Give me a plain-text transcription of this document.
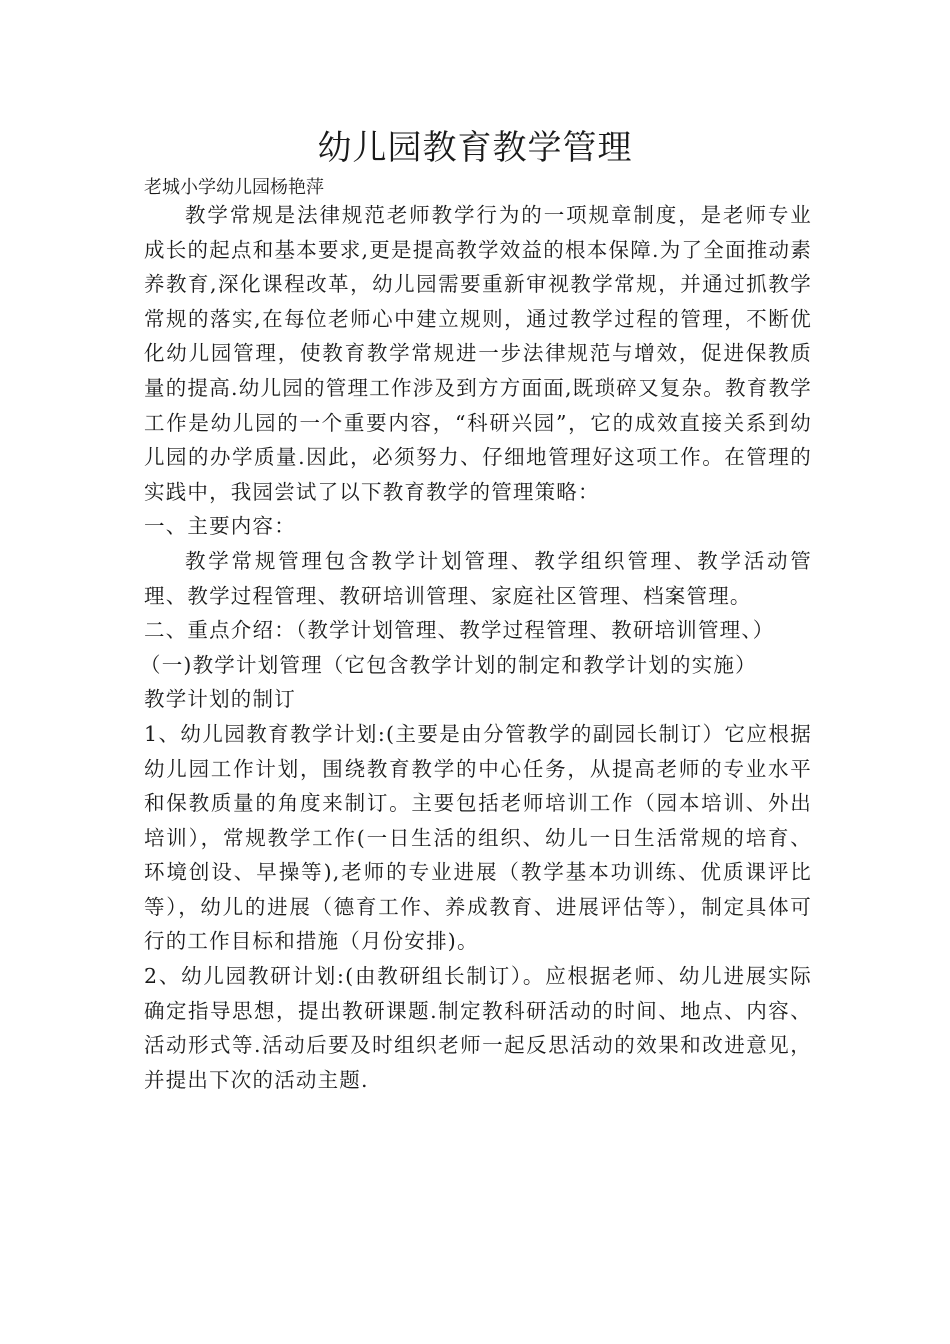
幼儿园教育教学管理

老城小学幼儿园杨艳萍

教学常规是法律规范老师教学行为的一项规章制度，是老师专业成长的起点和基本要求,更是提高教学效益的根本保障.为了全面推动素养教育,深化课程改革，幼儿园需要重新审视教学常规，并通过抓教学常规的落实,在每位老师心中建立规则，通过教学过程的管理，不断优化幼儿园管理，使教育教学常规进一步法律规范与增效，促进保教质量的提高.幼儿园的管理工作涉及到方方面面,既琐碎又复杂。教育教学工作是幼儿园的一个重要内容，“科研兴园”，它的成效直接关系到幼儿园的办学质量.因此，必须努力、仔细地管理好这项工作。在管理的实践中，我园尝试了以下教育教学的管理策略：

一、主要内容：

教学常规管理包含教学计划管理、教学组织管理、教学活动管理、教学过程管理、教研培训管理、家庭社区管理、档案管理。

二、重点介绍：（教学计划管理、教学过程管理、教研培训管理、）

（一)教学计划管理（它包含教学计划的制定和教学计划的实施）

教学计划的制订

1、幼儿园教育教学计划:(主要是由分管教学的副园长制订）它应根据幼儿园工作计划，围绕教育教学的中心任务，从提高老师的专业水平和保教质量的角度来制订。主要包括老师培训工作（园本培训、外出培训），常规教学工作(一日生活的组织、幼儿一日生活常规的培育、环境创设、早操等),老师的专业进展（教学基本功训练、优质课评比等），幼儿的进展（德育工作、养成教育、进展评估等），制定具体可行的工作目标和措施（月份安排)。

2、幼儿园教研计划:(由教研组长制订）。应根据老师、幼儿进展实际确定指导思想，提出教研课题.制定教科研活动的时间、地点、内容、活动形式等.活动后要及时组织老师一起反思活动的效果和改进意见，并提出下次的活动主题.
